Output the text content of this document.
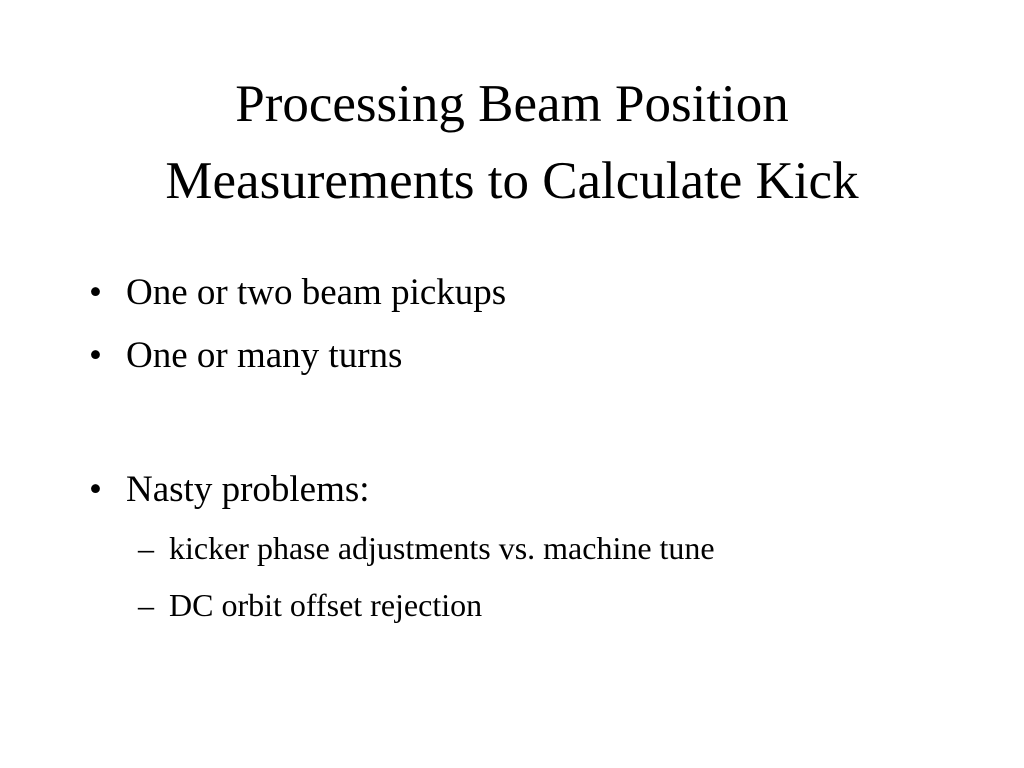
Processing Beam Position
Measurements to Calculate Kick
• One or two beam pickups
• One or many turns
• Nasty problems:
– kicker phase adjustments vs. machine tune
– DC orbit offset rejection
